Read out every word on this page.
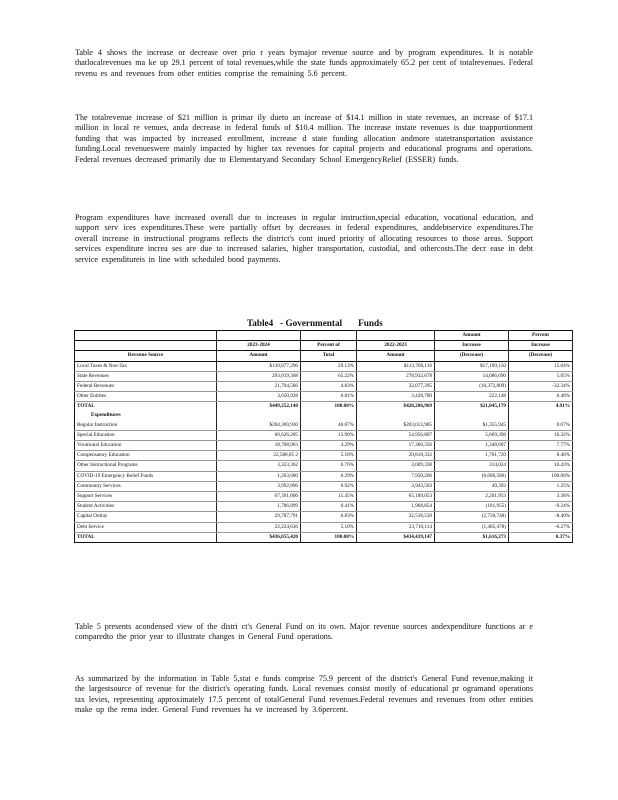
Table 4 shows the increase or decrease over prio r years bymajor revenue source and by program expenditures. It is notable thatlocalrevenues ma ke up 29.1 percent of total revenues,while the state funds approximately 65.2 per cent of totalrevenues. Federal revenu es and revenues from other entities comprise the remaining 5.6 percent.

The totalrevenue increase of $21 million is primar ily dueto an increase of $14.1 million in state revenues, an increase of $17.1 million in local re venues, anda decrease in federal funds of $10.4 million. The increase instate revenues is due toapportionment funding that was impacted by increased enrollment, increase d state funding allocation andmore statetransportation assistance funding.Local revenueswere mainly impacted by higher tax revenues for capital projects and educational programs and operations. Federal revenues decreased primarily due to Elementaryand Secondary School EmergencyRelief (ESSER) funds.

Program expenditures have increased overall due to increases in regular instruction,special education, vocational education, and support serv ices expenditures.These were partially offset by decreases in federal expenditures, anddebtservice expenditures.The overall increase in instructional programs reflects the district's cont inued priority of allocating resources to those areas. Support services expenditure increa ses are due to increased salaries, higher transportation, custodial, and othercosts.The decr ease in debt service expenditureis in line with scheduled bond payments.

Table4   - Governmental       Funds
				Amount	Percent
	2023-2024	Percent of	2022-2023	Increase	Increase
Revenue Source	Amount	Total	Amount	(Decrease)	(Decrease)
Local Taxes & Non-Tax	$130,877,296	29.13%	$113,768,116	$17,109,150	15.04%
State Revenues	293,019,368	65.22%	278,932,678	14,086,690	5.05%
Federal Revenues	21,704,586	4.83%	32,077,395	(10,372,809)	-32.34%
Other Entities	3,650,928	0.81%	3,428,780	222,148	6.48%
TOTAL	$449,252,148	100.00%	$428,206,969	$21,045,179	4.91%
Expenditures					
Regular Instruction	$204,369,930	46.87%	$203,013,985	$1,355,945	0.67%
Special Education	60,626,205	13.90%	54,956,807	5,669,398	10.32%
Vocational Education	18,708,963	4.29%	17,360,356	1,348,607	7.77%
Compensatory Education	22,580,05 2	5.18%	20,818,332	1,761,720	8.46%
Other Instructional Programs	3,323,362	0.76%	3,009,338	314,024	10.43%
COVID-19 Emergency Relief Funds	1,263,680	0.29%	7,950,266	(6,686,586)	100.00%
Community Services	3,992,896	0.92%	3,943,503	49,393	1.25%
Support Services	67,391,006	15.45%	65,189,053	2,201,953	3.38%
Student Activities	1,786,899	0.41%	1,968,854	(181,955)	-9.24%
Capital Outlay	29,787,791	6.83%	32,518,539	(2,730,748)	-8.40%
Debt Service	22,224,636	5.10%	23,710,114	(1,485,478)	-6.27%
TOTAL	$436,055,420	100.00%	$434,439,147	$1,616,273	0.37%

Table 5 presents acondensed view of the distri ct's General Fund on its own. Major revenue sources andexpenditure functions ar e comparedto the prior year to illustrate changes in General Fund operations.

As summarized by the information in Table 5,stat e funds comprise 75.9 percent of the district's General Fund revenue,making it the largestsource of revenue for the district's operating funds. Local revenues consist mostly of educational pr ogramand operations tax levies, representing approximately 17.5 percent of totalGeneral Fund revenues.Federal revenues and revenues from other entities make up the rema inder. General Fund revenues ha ve increased by 3.6percent.
